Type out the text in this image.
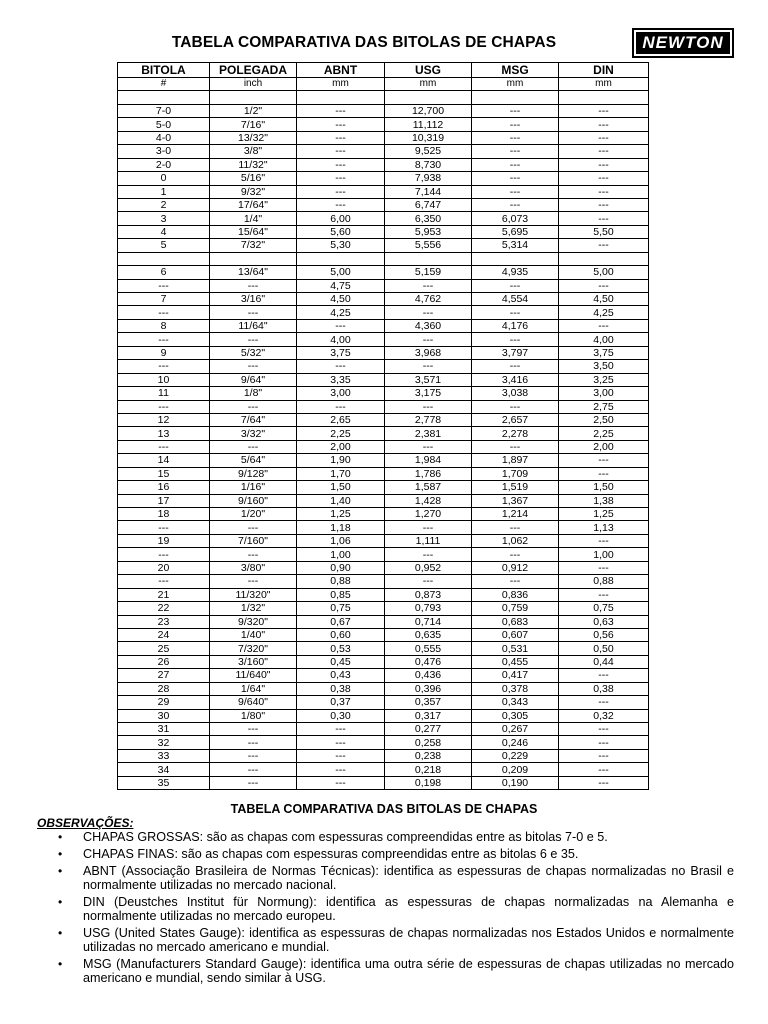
TABELA COMPARATIVA DAS BITOLAS DE CHAPAS	NEWTON
BITOLA	POLEGADA	ABNT	USG	MSG	DIN
#	inch	mm	mm	mm	mm

7-0	1/2"	---	12,700	---	---
5-0	7/16"	---	11,112	---	---
4-0	13/32"	---	10,319	---	---
3-0	3/8"	---	9,525	---	---
2-0	11/32"	---	8,730	---	---
0	5/16"	---	7,938	---	---
1	9/32"	---	7,144	---	---
2	17/64"	---	6,747	---	---
3	1/4"	6,00	6,350	6,073	---
4	15/64"	5,60	5,953	5,695	5,50
5	7/32"	5,30	5,556	5,314	---

6	13/64"	5,00	5,159	4,935	5,00
---	---	4,75	---	---	---
7	3/16"	4,50	4,762	4,554	4,50
---	---	4,25	---	---	4,25
8	11/64"	---	4,360	4,176	---
---	---	4,00	---	---	4,00
9	5/32"	3,75	3,968	3,797	3,75
---	---	---	---	---	3,50
10	9/64"	3,35	3,571	3,416	3,25
11	1/8"	3,00	3,175	3,038	3,00
---	---	---	---	---	2,75
12	7/64"	2,65	2,778	2,657	2,50
13	3/32"	2,25	2,381	2,278	2,25
---	---	2,00	---	---	2,00
14	5/64"	1,90	1,984	1,897	---
15	9/128"	1,70	1,786	1,709	---
16	1/16"	1,50	1,587	1,519	1,50
17	9/160"	1,40	1,428	1,367	1,38
18	1/20"	1,25	1,270	1,214	1,25
---	---	1,18	---	---	1,13
19	7/160"	1,06	1,111	1,062	---
---	---	1,00	---	---	1,00
20	3/80"	0,90	0,952	0,912	---
---	---	0,88	---	---	0,88
21	11/320"	0,85	0,873	0,836	---
22	1/32"	0,75	0,793	0,759	0,75
23	9/320"	0,67	0,714	0,683	0,63
24	1/40"	0,60	0,635	0,607	0,56
25	7/320"	0,53	0,555	0,531	0,50
26	3/160"	0,45	0,476	0,455	0,44
27	11/640"	0,43	0,436	0,417	---
28	1/64"	0,38	0,396	0,378	0,38
29	9/640"	0,37	0,357	0,343	---
30	1/80"	0,30	0,317	0,305	0,32
31	---	---	0,277	0,267	---
32	---	---	0,258	0,246	---
33	---	---	0,238	0,229	---
34	---	---	0,218	0,209	---
35	---	---	0,198	0,190	---
TABELA COMPARATIVA DAS BITOLAS DE CHAPAS
OBSERVAÇÕES:
• CHAPAS GROSSAS: são as chapas com espessuras compreendidas entre as bitolas 7-0 e 5.
• CHAPAS FINAS: são as chapas com espessuras compreendidas entre as bitolas 6 e 35.
• ABNT (Associação Brasileira de Normas Técnicas): identifica as espessuras de chapas normalizadas no Brasil e normalmente utilizadas no mercado nacional.
• DIN (Deustches Institut für Normung): identifica as espessuras de chapas normalizadas na Alemanha e normalmente utilizadas no mercado europeu.
• USG (United States Gauge): identifica as espessuras de chapas normalizadas nos Estados Unidos e normalmente utilizadas no mercado americano e mundial.
• MSG (Manufacturers Standard Gauge): identifica uma outra série de espessuras de chapas utilizadas no mercado americano e mundial, sendo similar à USG.
